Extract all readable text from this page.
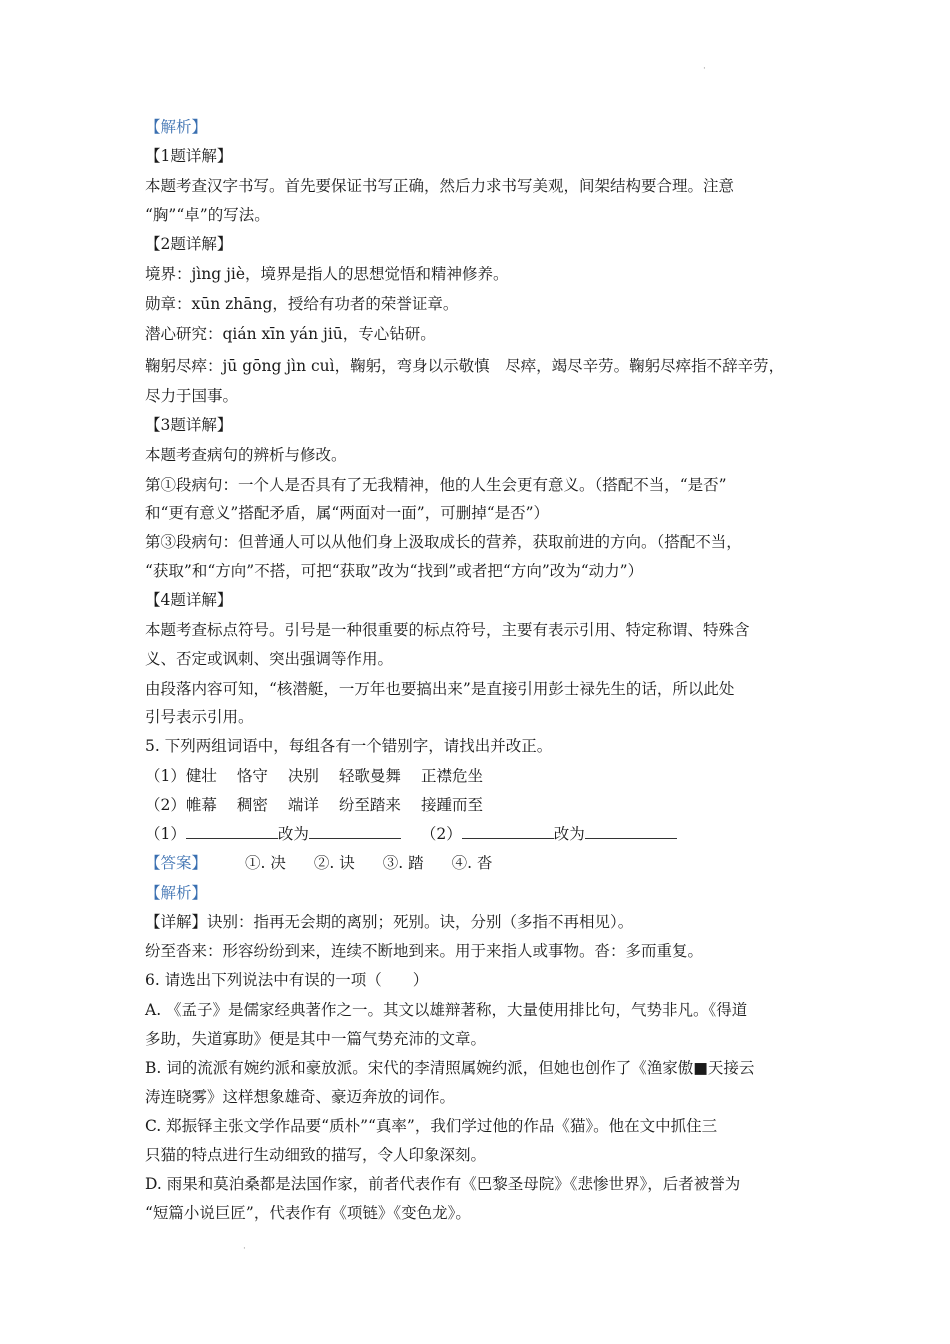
·
【解析】
【1题详解】
本题考查汉字书写。首先要保证书写正确，然后力求书写美观，间架结构要合理。注意
“胸”“卓”的写法。
【2题详解】
境界：jìng jiè，境界是指人的思想觉悟和精神修养。
勋章：xūn zhāng，授给有功者的荣誉证章。
潜心研究：qián xīn yán jiū，专心钻研。
鞠躬尽瘁：jū gōng jìn cuì，鞠躬，弯身以示敬慎　尽瘁，竭尽辛劳。鞠躬尽瘁指不辞辛劳，
尽力于国事。
【3题详解】
本题考查病句的辨析与修改。
第①段病句：一个人是否具有了无我精神，他的人生会更有意义。（搭配不当，“是否”
和“更有意义”搭配矛盾，属“两面对一面”，可删掉“是否”）
第③段病句：但普通人可以从他们身上汲取成长的营养，获取前进的方向。（搭配不当，
“获取”和“方向”不搭，可把“获取”改为“找到”或者把“方向”改为“动力”）
【4题详解】
本题考查标点符号。引号是一种很重要的标点符号，主要有表示引用、特定称谓、特殊含
义、否定或讽刺、突出强调等作用。
由段落内容可知，“核潜艇，一万年也要搞出来”是直接引用彭士禄先生的话，所以此处
引号表示引用。
5. 下列两组词语中，每组各有一个错别字，请找出并改正。
（1）健壮 恪守 决别 轻歌曼舞 正襟危坐
（2）帷幕 稠密 端详 纷至踏来 接踵而至
（1）	改为	（2）	改为
【答案】 ①. 决 ②. 诀 ③. 踏 ④. 沓
【解析】
【详解】诀别：指再无会期的离别；死别。诀，分别（多指不再相见）。
纷至沓来：形容纷纷到来，连续不断地到来。用于来指人或事物。沓：多而重复。
6. 请选出下列说法中有误的一项（　　）
A. 《孟子》是儒家经典著作之一。其文以雄辩著称，大量使用排比句，气势非凡。《得道
多助，失道寡助》便是其中一篇气势充沛的文章。
B. 词的流派有婉约派和豪放派。宋代的李清照属婉约派，但她也创作了《渔家傲■天接云
涛连晓雾》这样想象雄奇、豪迈奔放的词作。
C. 郑振铎主张文学作品要“质朴”“真率”，我们学过他的作品《猫》。他在文中抓住三
只猫的特点进行生动细致的描写，令人印象深刻。
D. 雨果和莫泊桑都是法国作家，前者代表作有《巴黎圣母院》《悲惨世界》，后者被誉为
“短篇小说巨匠”，代表作有《项链》《变色龙》。
·
